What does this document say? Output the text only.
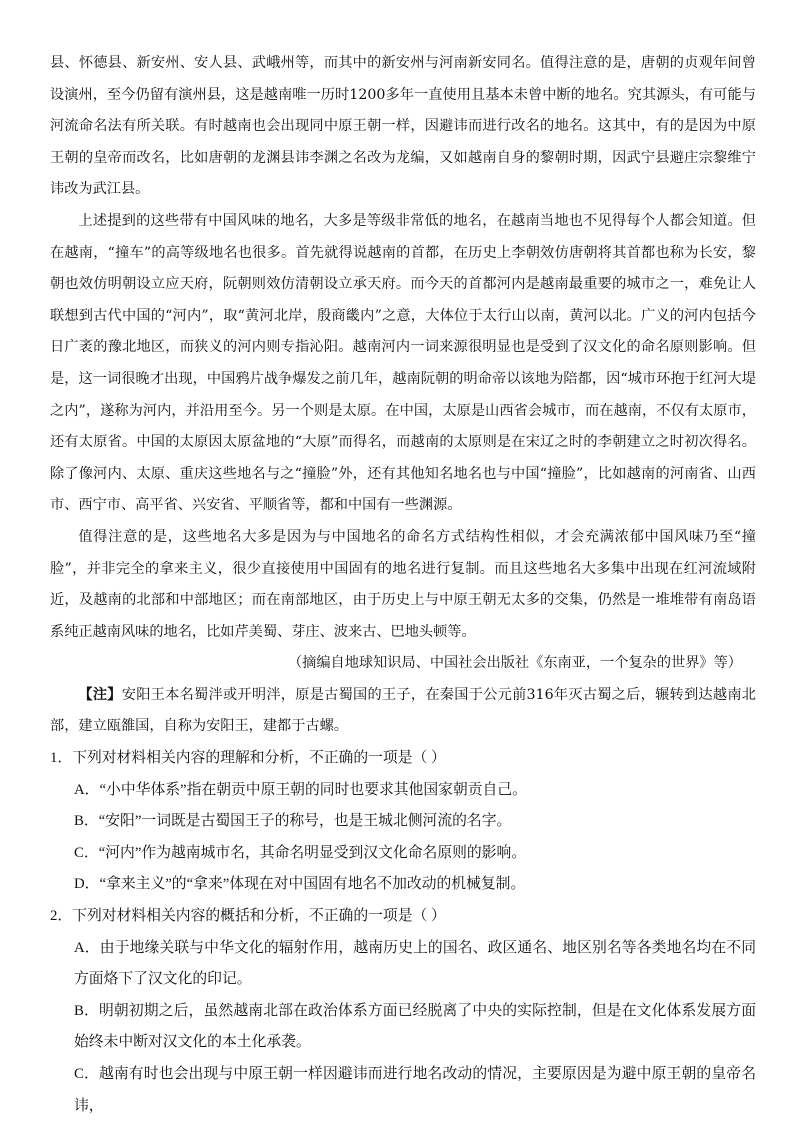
县、怀德县、新安州、安人县、武峨州等，而其中的新安州与河南新安同名。值得注意的是，唐朝的贞观年间曾设演州，至今仍留有演州县，这是越南唯一历时1200多年一直使用且基本未曾中断的地名。究其源头，有可能与河流命名法有所关联。有时越南也会出现同中原王朝一样，因避讳而进行改名的地名。这其中，有的是因为中原王朝的皇帝而改名，比如唐朝的龙渊县讳李渊之名改为龙编，又如越南自身的黎朝时期，因武宁县避庄宗黎维宁讳改为武江县。

上述提到的这些带有中国风味的地名，大多是等级非常低的地名，在越南当地也不见得每个人都会知道。但在越南，“撞车”的高等级地名也很多。首先就得说越南的首都，在历史上李朝效仿唐朝将其首都也称为长安，黎朝也效仿明朝设立应天府，阮朝则效仿清朝设立承天府。而今天的首都河内是越南最重要的城市之一，难免让人联想到古代中国的“河内”，取“黄河北岸，殷商畿内”之意，大体位于太行山以南，黄河以北。广义的河内包括今日广袤的豫北地区，而狭义的河内则专指沁阳。越南河内一词来源很明显也是受到了汉文化的命名原则影响。但是，这一词很晚才出现，中国鸦片战争爆发之前几年，越南阮朝的明命帝以该地为陪都，因“城市环抱于红河大堤之内”，遂称为河内，并沿用至今。另一个则是太原。在中国，太原是山西省会城市，而在越南，不仅有太原市，还有太原省。中国的太原因太原盆地的“大原”而得名，而越南的太原则是在宋辽之时的李朝建立之时初次得名。除了像河内、太原、重庆这些地名与之“撞脸”外，还有其他知名地名也与中国“撞脸”，比如越南的河南省、山西市、西宁市、高平省、兴安省、平顺省等，都和中国有一些渊源。

值得注意的是，这些地名大多是因为与中国地名的命名方式结构性相似，才会充满浓郁中国风味乃至“撞脸”，并非完全的拿来主义，很少直接使用中国固有的地名进行复制。而且这些地名大多集中出现在红河流域附近，及越南的北部和中部地区；而在南部地区，由于历史上与中原王朝无太多的交集，仍然是一堆堆带有南岛语系纯正越南风味的地名，比如芹美蜀、芽庄、波来古、巴地头顿等。

（摘编自地球知识局、中国社会出版社《东南亚，一个复杂的世界》等）

【注】安阳王本名蜀泮或开明泮，原是古蜀国的王子，在秦国于公元前316年灭古蜀之后，辗转到达越南北部，建立瓯雒国，自称为安阳王，建都于古螺。

1．下列对材料相关内容的理解和分析，不正确的一项是（ ）

A．“小中华体系”指在朝贡中原王朝的同时也要求其他国家朝贡自己。

B．“安阳”一词既是古蜀国王子的称号，也是王城北侧河流的名字。

C．“河内”作为越南城市名，其命名明显受到汉文化命名原则的影响。

D．“拿来主义”的“拿来”体现在对中国固有地名不加改动的机械复制。

2．下列对材料相关内容的概括和分析，不正确的一项是（ ）

A．由于地缘关联与中华文化的辐射作用，越南历史上的国名、政区通名、地区别名等各类地名均在不同方面烙下了汉文化的印记。

B．明朝初期之后，虽然越南北部在政治体系方面已经脱离了中央的实际控制，但是在文化体系发展方面始终未中断对汉文化的本土化承袭。

C．越南有时也会出现与中原王朝一样因避讳而进行地名改动的情况，主要原因是为避中原王朝的皇帝名讳，
